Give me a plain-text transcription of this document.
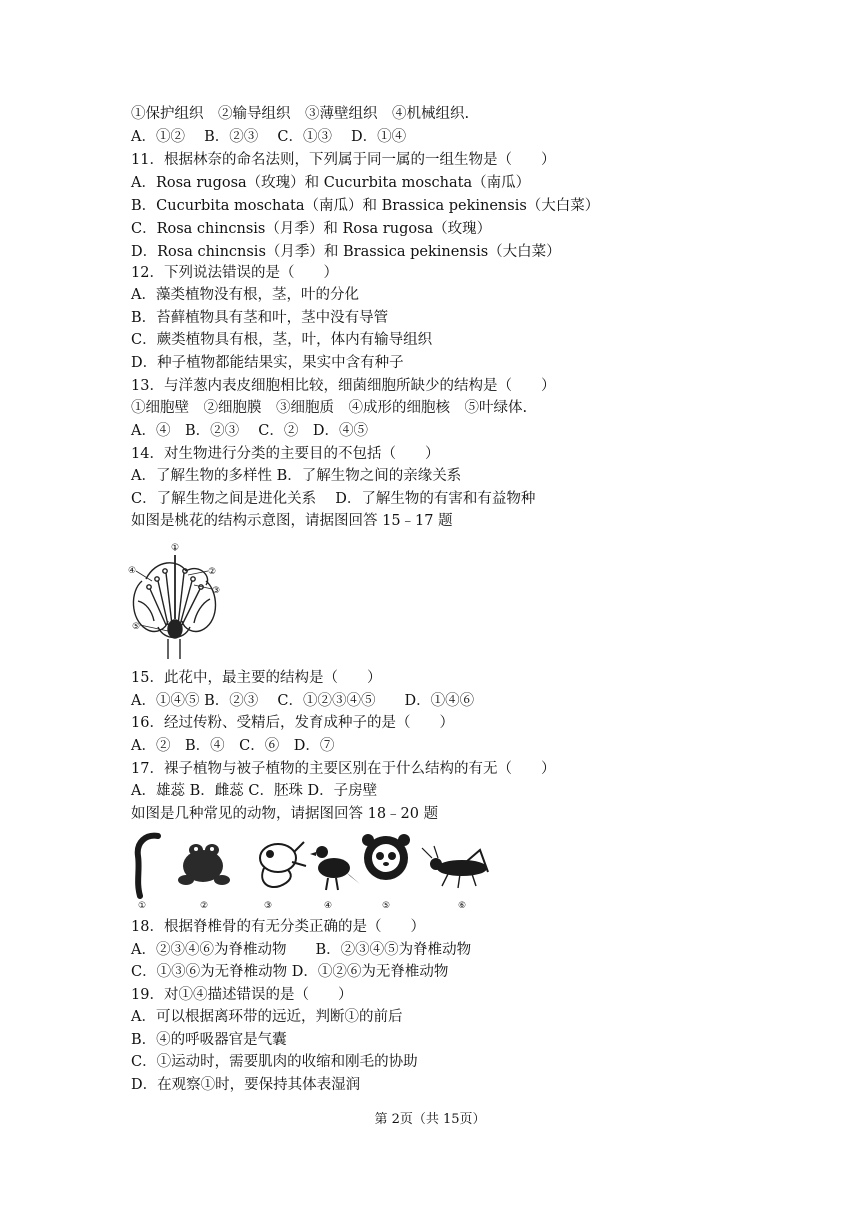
①保护组织　②输导组织　③薄壁组织　④机械组织.
A．①②　 B．②③　 C．①③　 D．①④
11．根据林奈的命名法则，下列属于同一属的一组生物是（　　）
A．Rosa rugosa（玫瑰）和 Cucurbita moschata（南瓜）
B．Cucurbita moschata（南瓜）和 Brassica pekinensis（大白菜）
C．Rosa chincnsis（月季）和 Rosa rugosa（玫瑰）
D．Rosa chincnsis（月季）和 Brassica pekinensis（大白菜）
12．下列说法错误的是（　　）
A．藻类植物没有根，茎，叶的分化
B．苔藓植物具有茎和叶，茎中没有导管
C．蕨类植物具有根，茎，叶，体内有输导组织
D．种子植物都能结果实，果实中含有种子
13．与洋葱内表皮细胞相比较，细菌细胞所缺少的结构是（　　）
①细胞壁　②细胞膜　③细胞质　④成形的细胞核　⑤叶绿体.
A．④　B．②③　 C．②　D．④⑤
14．对生物进行分类的主要目的不包括（　　）
A．了解生物的多样性 B．了解生物之间的亲缘关系
C．了解生物之间是进化关系　 D．了解生物的有害和有益物种
如图是桃花的结构示意图，请据图回答 15﹣17 题
①
②
③
④
⑤
15．此花中，最主要的结构是（　　）
A．①④⑤ B．②③　 C．①②③④⑤　　D．①④⑥
16．经过传粉、受精后，发育成种子的是（　　）
A．②　B．④　C．⑥　D．⑦
17．裸子植物与被子植物的主要区别在于什么结构的有无（　　）
A．雄蕊 B．雌蕊 C．胚珠 D．子房壁
如图是几种常见的动物，请据图回答 18﹣20 题
①	②	③	④	⑤	⑥
18．根据脊椎骨的有无分类正确的是（　　）
A．②③④⑥为脊椎动物　　B．②③④⑤为脊椎动物
C．①③⑥为无脊椎动物 D．①②⑥为无脊椎动物
19．对①④描述错误的是（　　）
A．可以根据离环带的远近，判断①的前后
B．④的呼吸器官是气囊
C．①运动时，需要肌肉的收缩和刚毛的协助
D．在观察①时，要保持其体表湿润
第 2页（共 15页）
